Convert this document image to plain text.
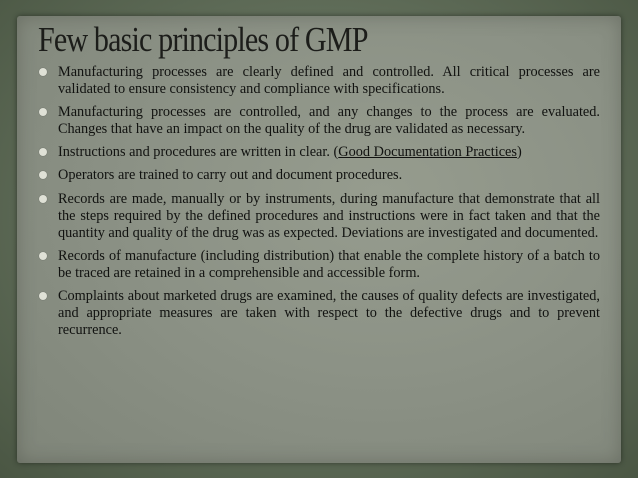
Few basic principles of GMP
Manufacturing processes are clearly defined and controlled. All critical processes are validated to ensure consistency and compliance with specifications.
Manufacturing processes are controlled, and any changes to the process are evaluated. Changes that have an impact on the quality of the drug are validated as necessary.
Instructions and procedures are written in clear. (Good Documentation Practices)
Operators are trained to carry out and document procedures.
Records are made, manually or by instruments, during manufacture that demonstrate that all the steps required by the defined procedures and instructions were in fact taken and that the quantity and quality of the drug was as expected. Deviations are investigated and documented.
Records of manufacture (including distribution) that enable the complete history of a batch to be traced are retained in a comprehensible and accessible form.
Complaints about marketed drugs are examined, the causes of quality defects are investigated, and appropriate measures are taken with respect to the defective drugs and to prevent recurrence.
